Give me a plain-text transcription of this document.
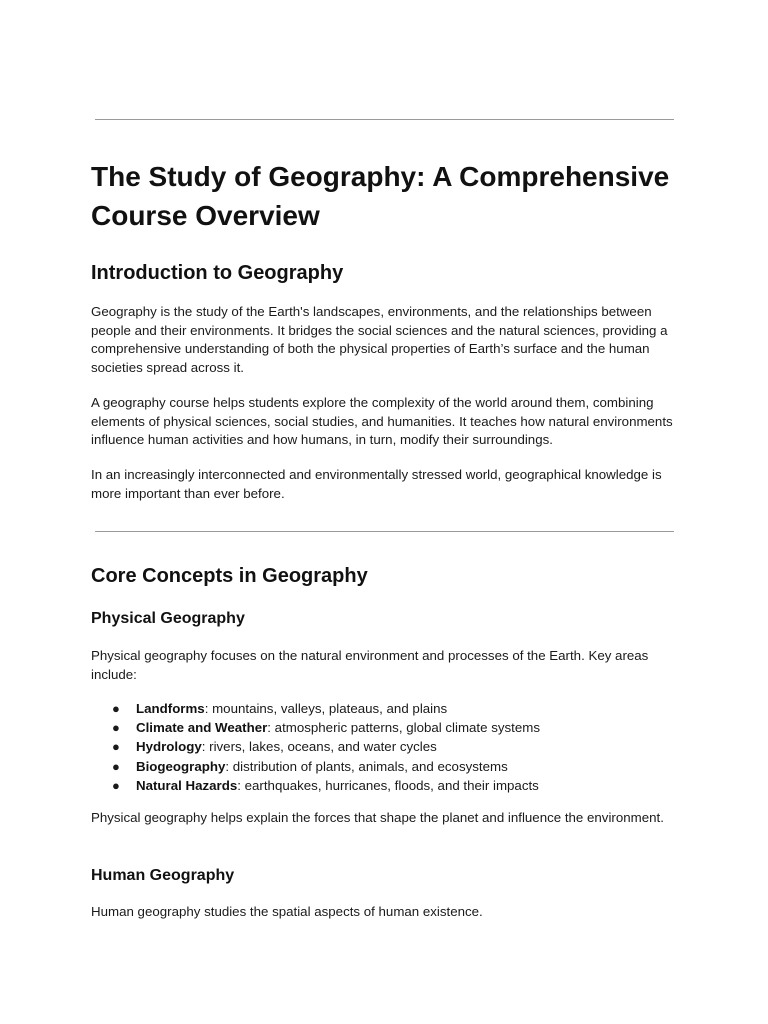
The Study of Geography: A Comprehensive Course Overview
Introduction to Geography

Geography is the study of the Earth's landscapes, environments, and the relationships between people and their environments. It bridges the social sciences and the natural sciences, providing a comprehensive understanding of both the physical properties of Earth’s surface and the human societies spread across it.

A geography course helps students explore the complexity of the world around them, combining elements of physical sciences, social studies, and humanities. It teaches how natural environments influence human activities and how humans, in turn, modify their surroundings.

In an increasingly interconnected and environmentally stressed world, geographical knowledge is more important than ever before.

Core Concepts in Geography
Physical Geography

Physical geography focuses on the natural environment and processes of the Earth. Key areas include:

● Landforms: mountains, valleys, plateaus, and plains
● Climate and Weather: atmospheric patterns, global climate systems
● Hydrology: rivers, lakes, oceans, and water cycles
● Biogeography: distribution of plants, animals, and ecosystems
● Natural Hazards: earthquakes, hurricanes, floods, and their impacts

Physical geography helps explain the forces that shape the planet and influence the environment.

Human Geography

Human geography studies the spatial aspects of human existence.
